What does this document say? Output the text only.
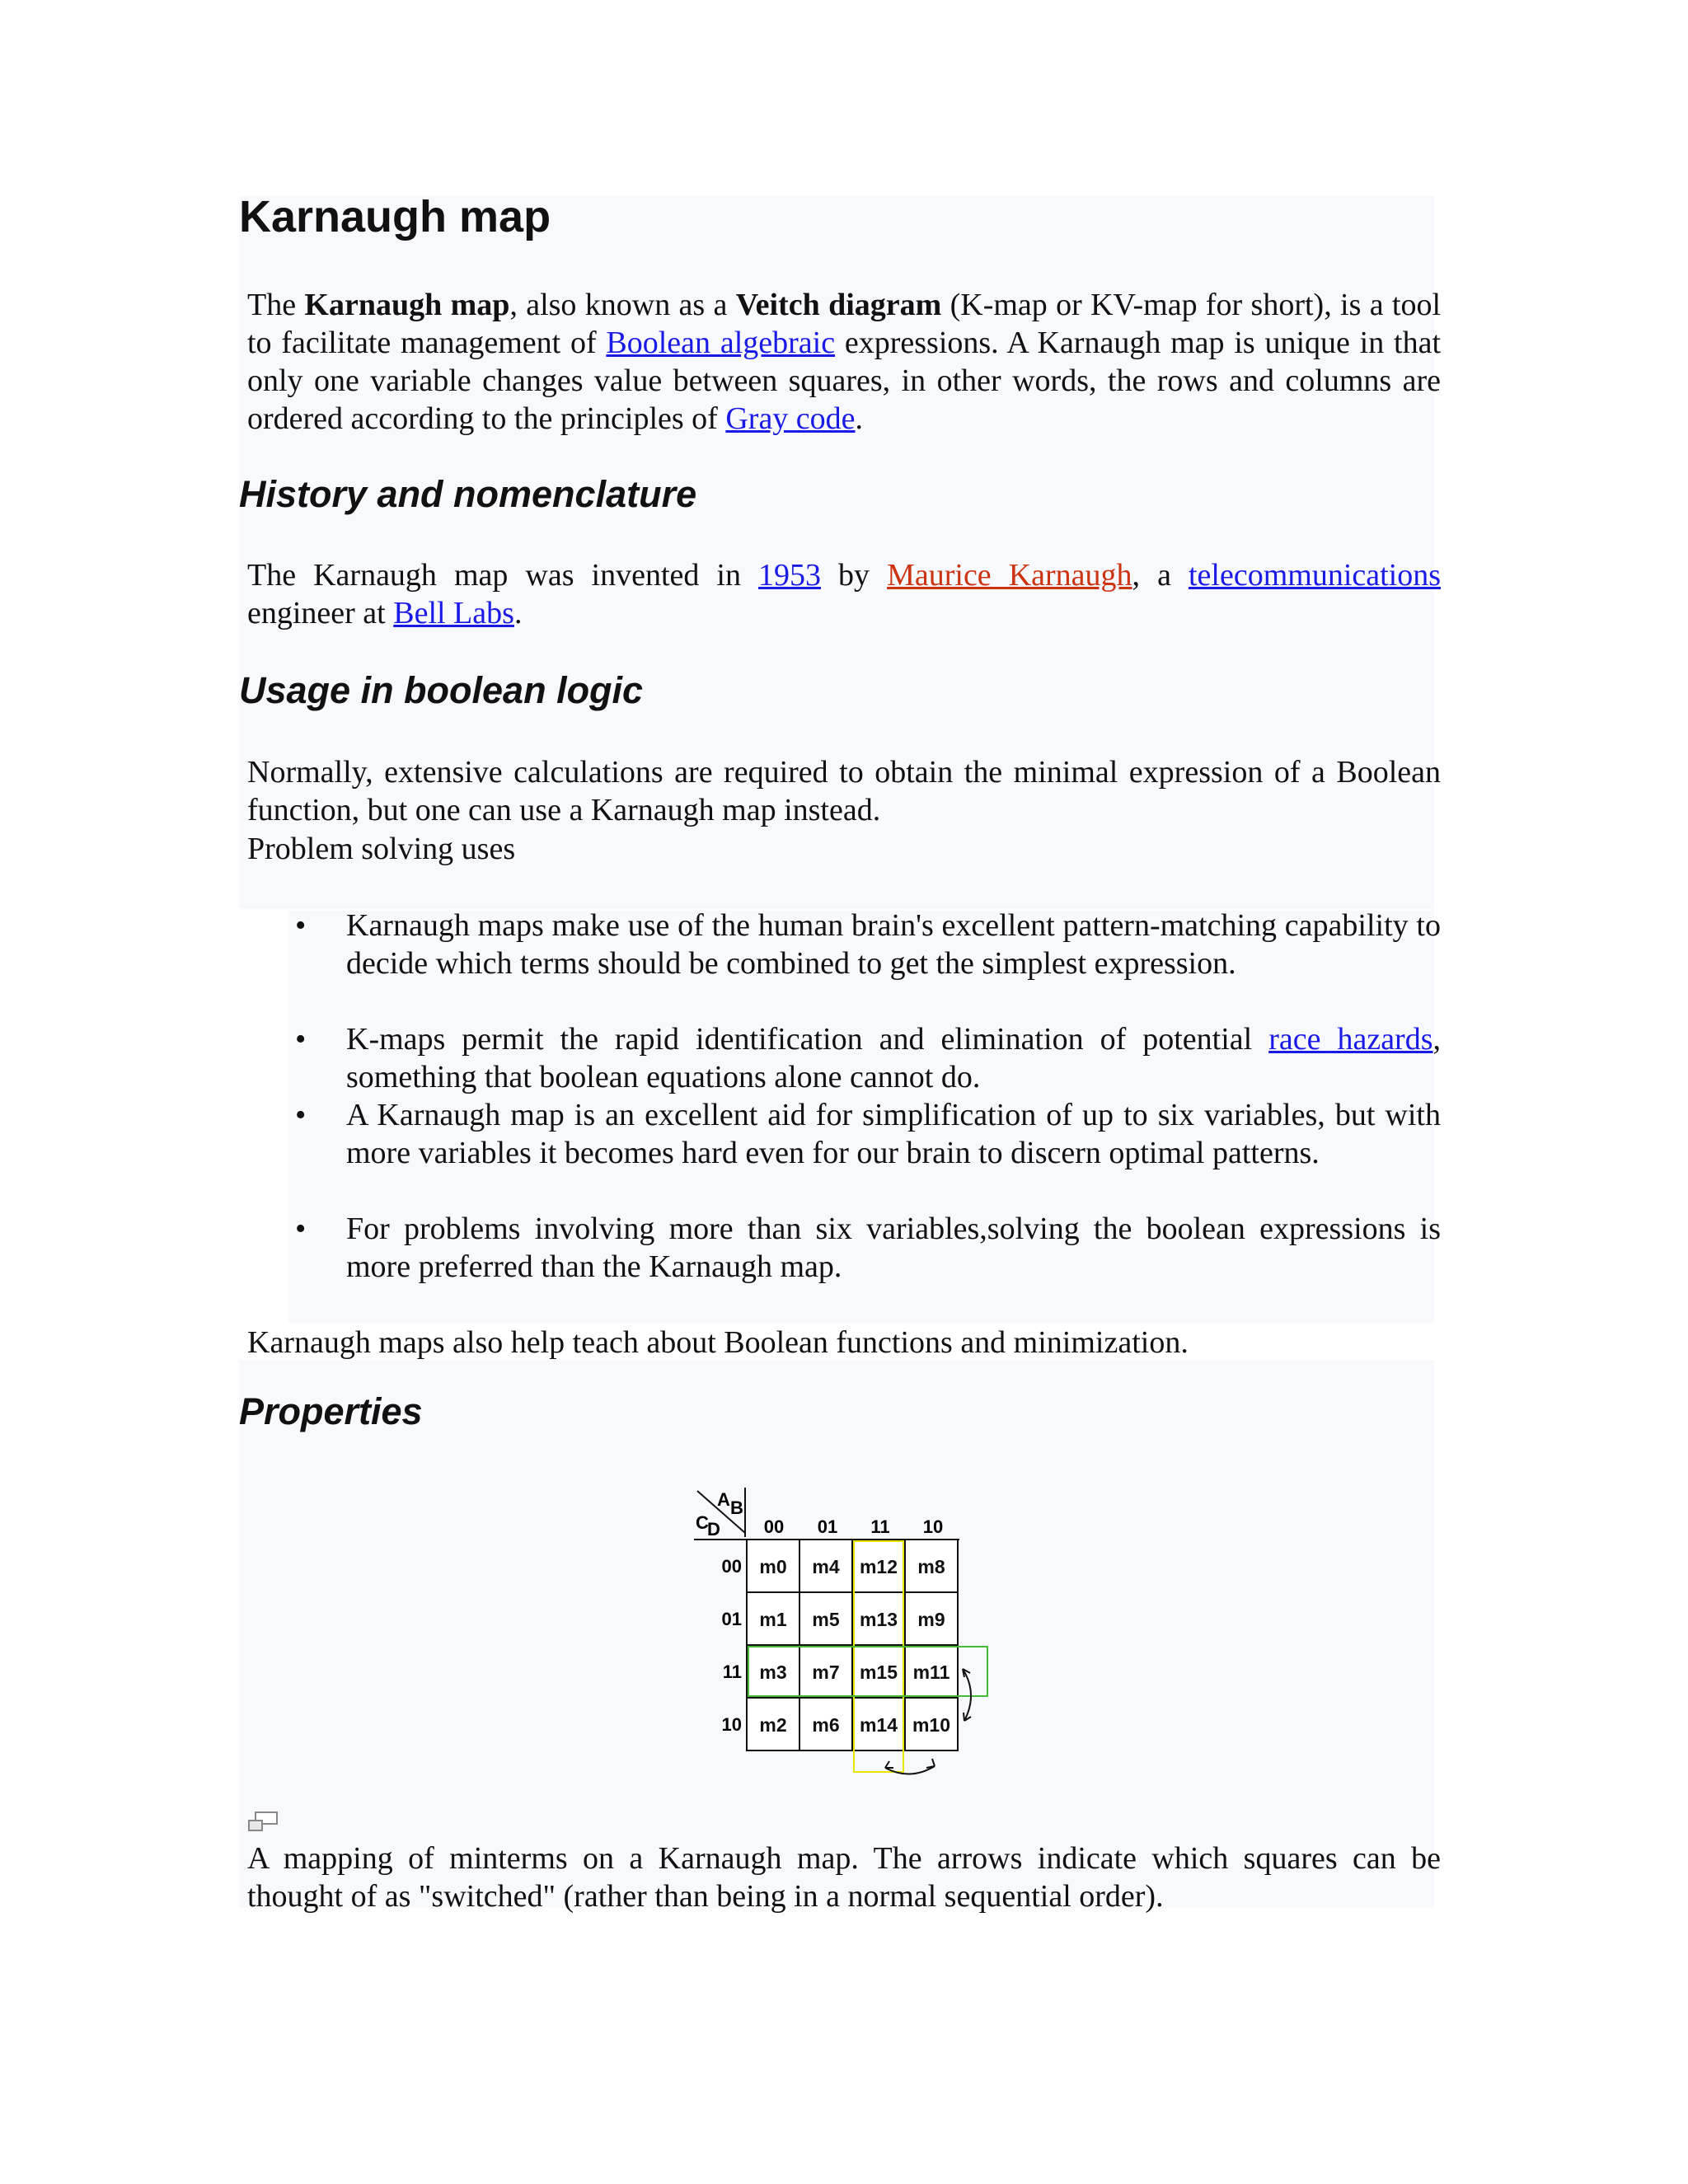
Karnaugh map

The Karnaugh map, also known as a Veitch diagram (K-map or KV-map for short), is a tool to facilitate management of Boolean algebraic expressions. A Karnaugh map is unique in that only one variable changes value between squares, in other words, the rows and columns are ordered according to the principles of Gray code.

History and nomenclature

The Karnaugh map was invented in 1953 by Maurice Karnaugh, a telecommunications engineer at Bell Labs.

Usage in boolean logic

Normally, extensive calculations are required to obtain the minimal expression of a Boolean function, but one can use a Karnaugh map instead.

Problem solving uses

• Karnaugh maps make use of the human brain's excellent pattern-matching capability to decide which terms should be combined to get the simplest expression.

• K-maps permit the rapid identification and elimination of potential race hazards, something that boolean equations alone cannot do.

• A Karnaugh map is an excellent aid for simplification of up to six variables, but with more variables it becomes hard even for our brain to discern optimal patterns.

• For problems involving more than six variables,solving the boolean expressions is more preferred than the Karnaugh map.

Karnaugh maps also help teach about Boolean functions and minimization.

Properties

A mapping of minterms on a Karnaugh map. The arrows indicate which squares can be thought of as "switched" (rather than being in a normal sequential order).

A B
C
D 00 01 11 10
00
01
11
10
m0 m4 m12 m8
m1 m5 m13 m9
m3 m7 m15 m11
m2 m6 m14 m10
